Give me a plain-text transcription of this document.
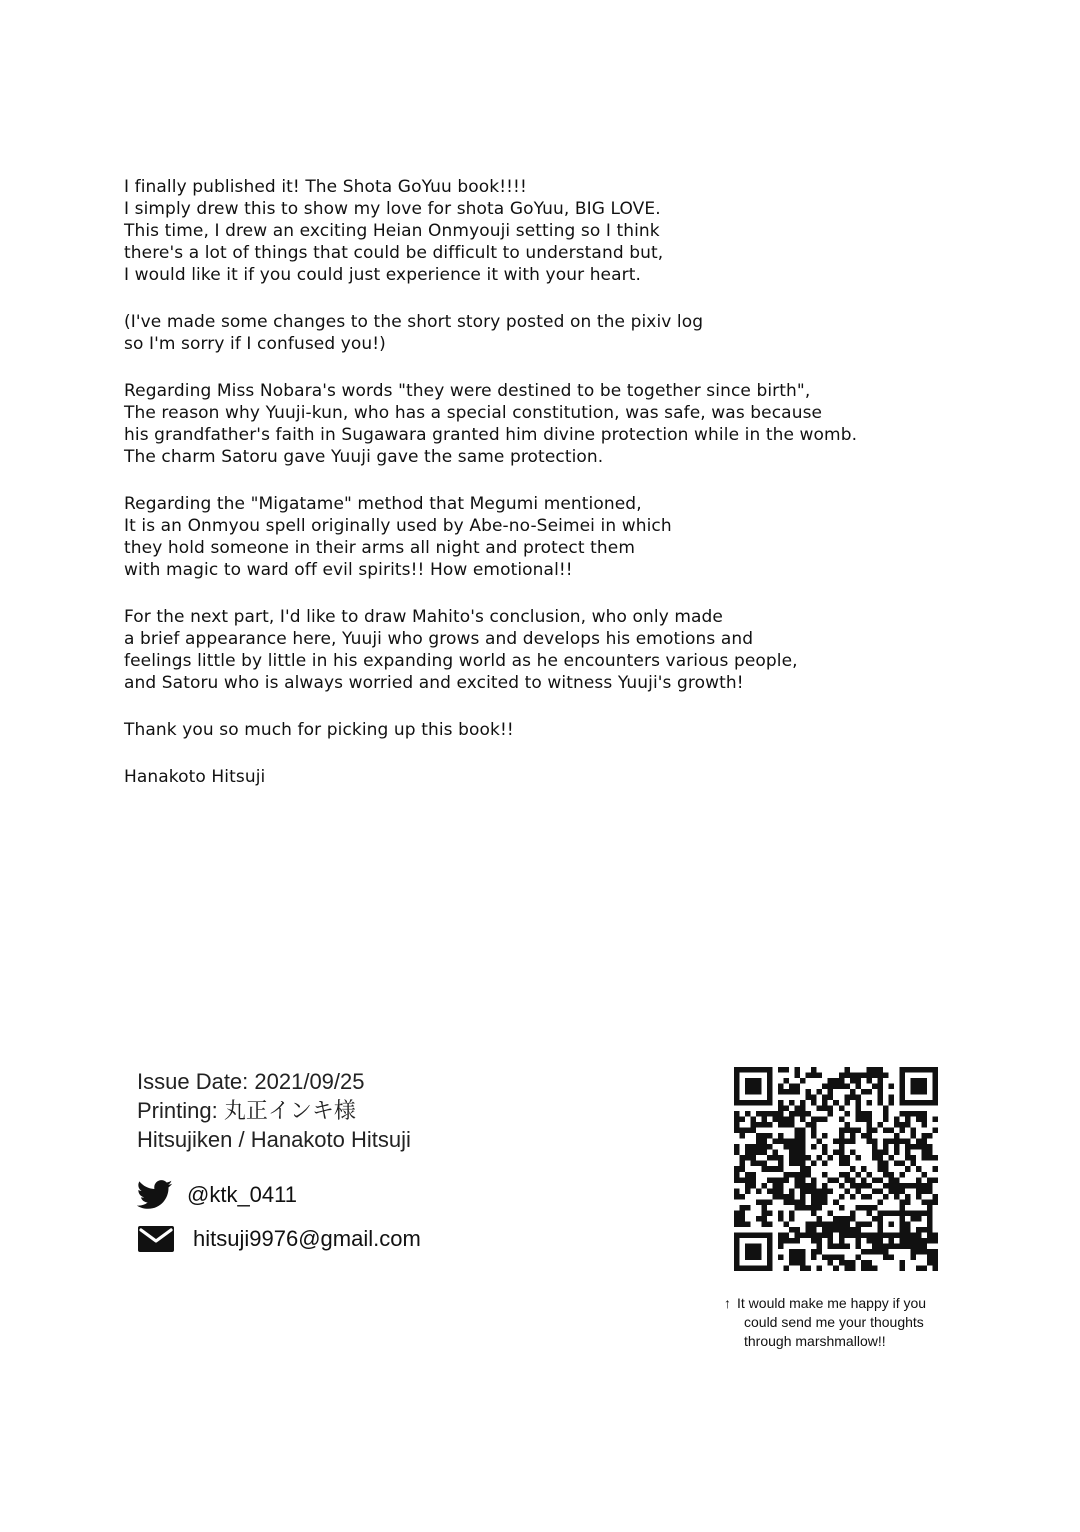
I finally published it! The Shota GoYuu book!!!!
I simply drew this to show my love for shota GoYuu, BIG LOVE.
This time, I drew an exciting Heian Onmyouji setting so I think
there's a lot of things that could be difficult to understand but,
I would like it if you could just experience it with your heart.
(I've made some changes to the short story posted on the pixiv log
so I'm sorry if I confused you!)
Regarding Miss Nobara's words "they were destined to be together since birth",
The reason why Yuuji-kun, who has a special constitution, was safe, was because
his grandfather's faith in Sugawara granted him divine protection while in the womb.
The charm Satoru gave Yuuji gave the same protection.
Regarding the "Migatame" method that Megumi mentioned,
It is an Onmyou spell originally used by Abe-no-Seimei in which
they hold someone in their arms all night and protect them
with magic to ward off evil spirits!! How emotional!!
For the next part, I'd like to draw Mahito's conclusion, who only made
a brief appearance here, Yuuji who grows and develops his emotions and
feelings little by little in his expanding world as he encounters various people,
and Satoru who is always worried and excited to witness Yuuji's growth!
Thank you so much for picking up this book!!
Hanakoto Hitsuji
Issue Date: 2021/09/25
Printing: 丸正インキ様
Hitsujiken / Hanakoto Hitsuji
@ktk_0411
hitsuji9976@gmail.com
↑ It would make me happy if you
could send me your thoughts
through marshmallow!!
